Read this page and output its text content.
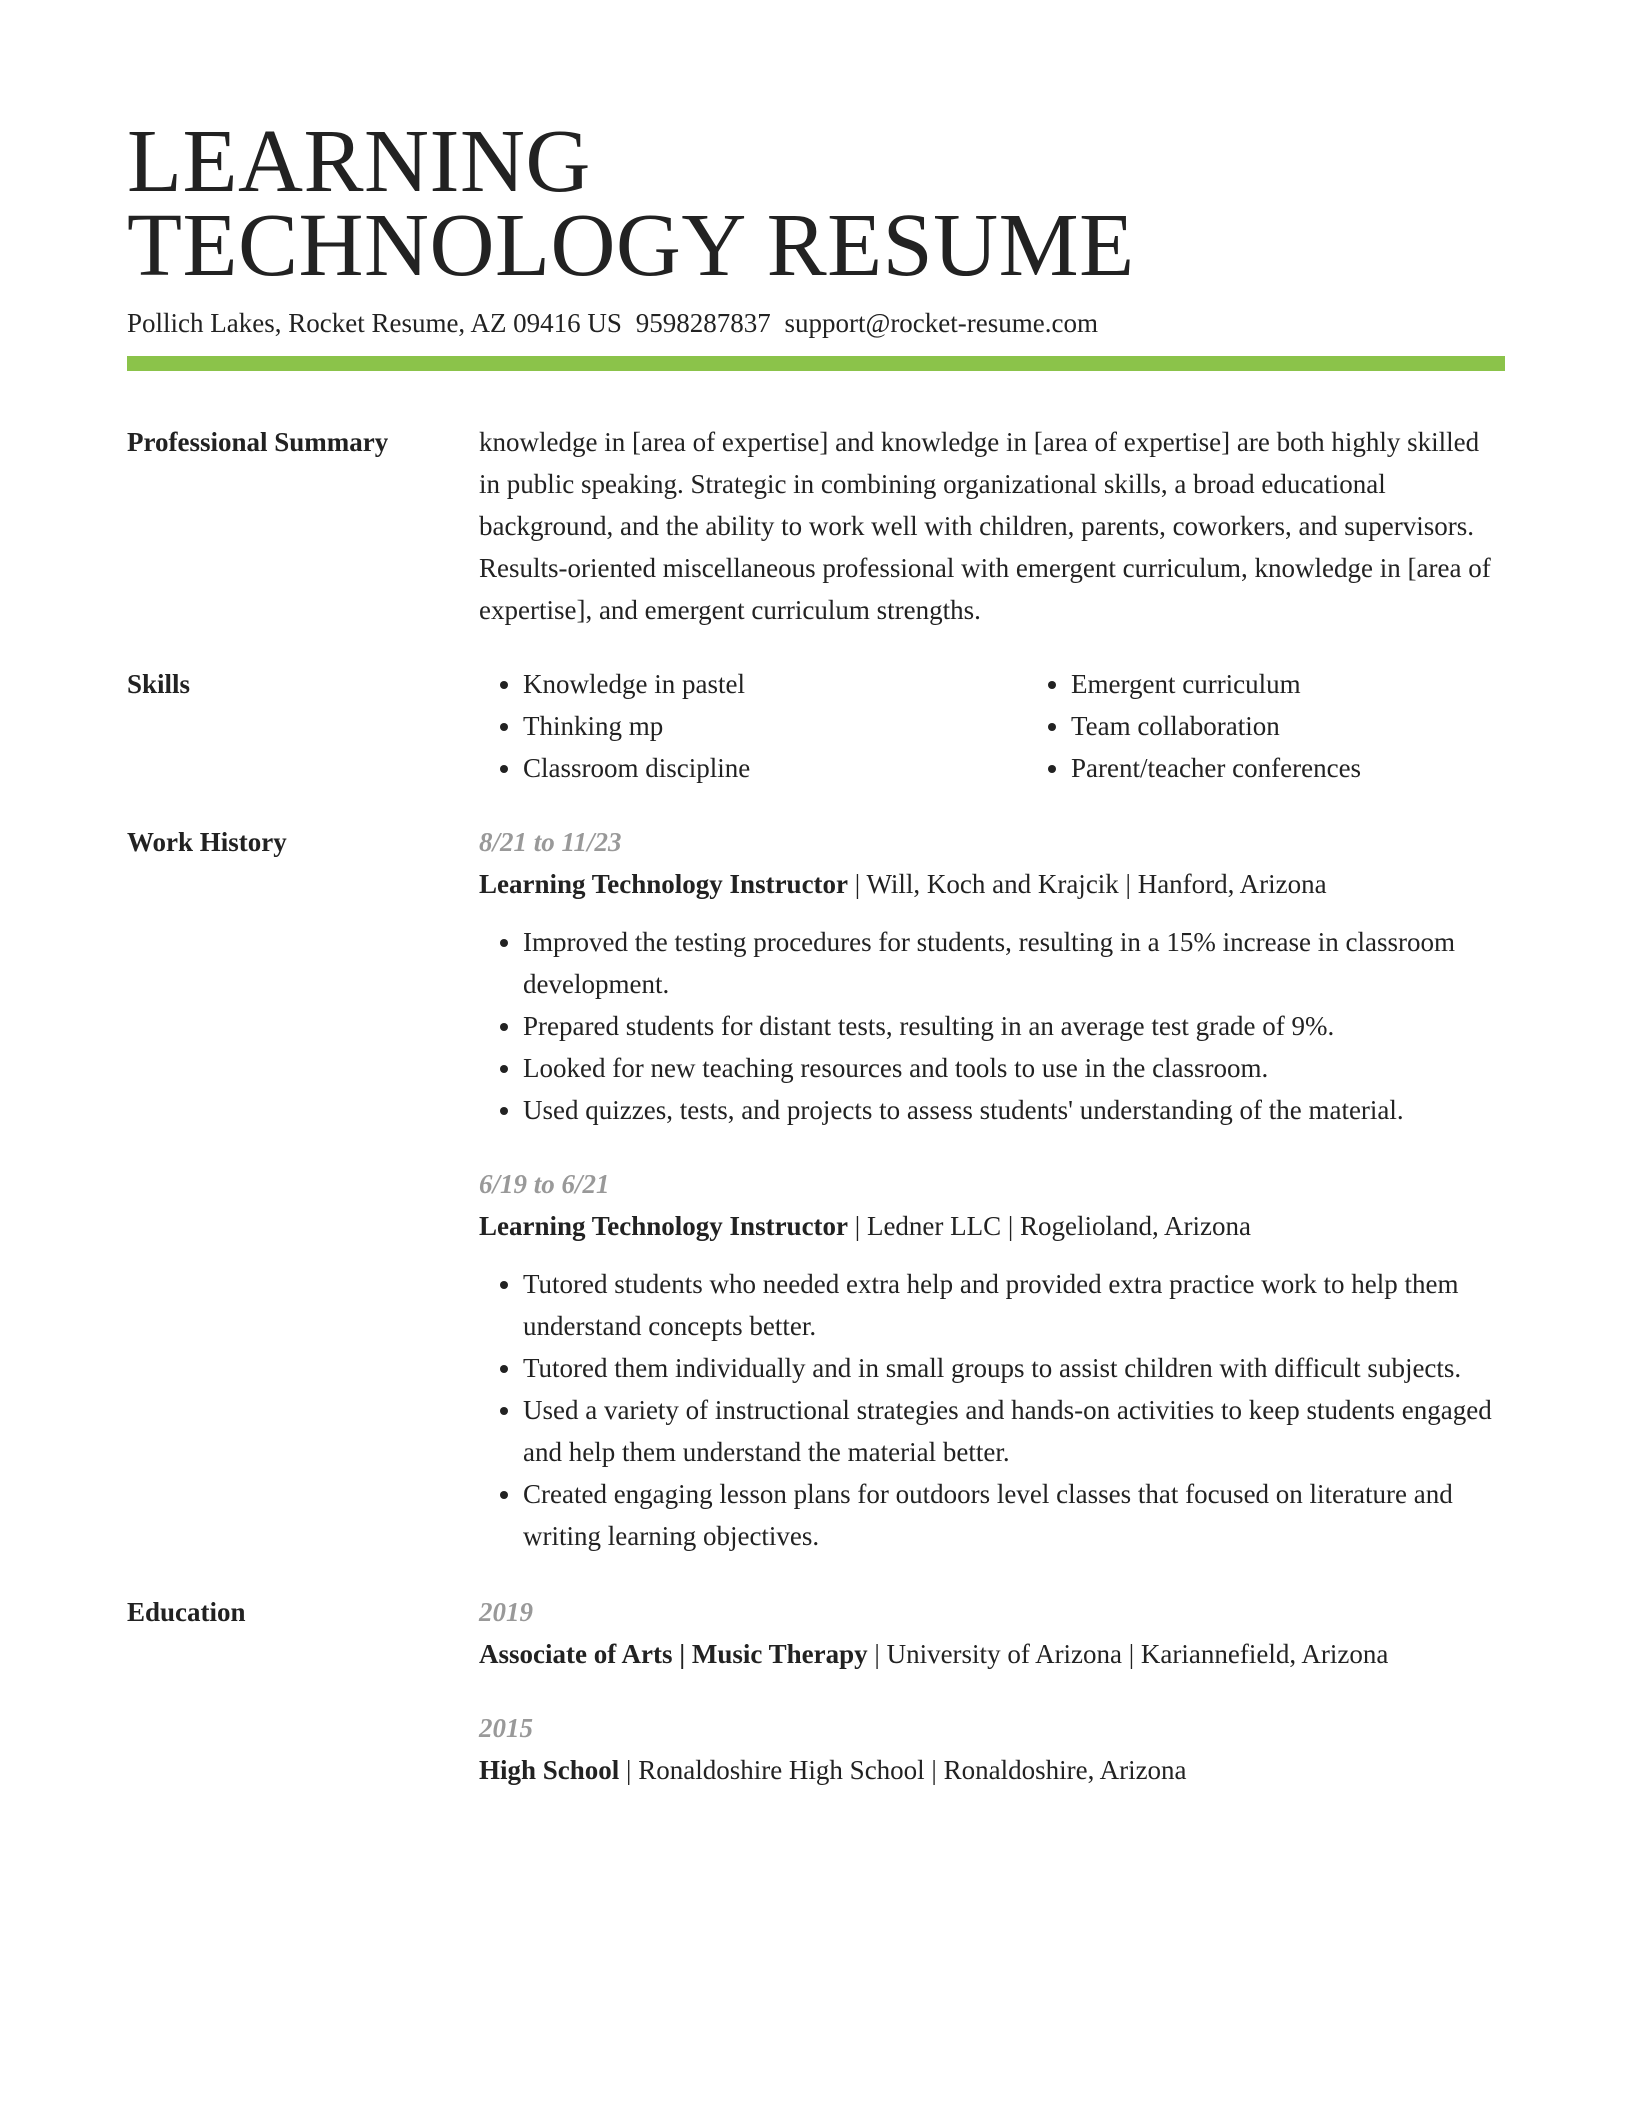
LEARNING
TECHNOLOGY RESUME
Pollich Lakes, Rocket Resume, AZ 09416 US 9598287837 support@rocket-resume.com
Professional Summary	knowledge in [area of expertise] and knowledge in [area of expertise] are both highly skilled in public speaking. Strategic in combining organizational skills, a broad educational background, and the ability to work well with children, parents, coworkers, and supervisors. Results-oriented miscellaneous professional with emergent curriculum, knowledge in [area of expertise], and emergent curriculum strengths.
Skills
•	Knowledge in pastel
• Thinking mp
• Classroom discipline
• Emergent curriculum
• Team collaboration
• Parent/teacher conferences
Work History	8/21 to 11/23
Learning Technology Instructor | Will, Koch and Krajcik | Hanford, Arizona
• Improved the testing procedures for students, resulting in a 15% increase in classroom development.
• Prepared students for distant tests, resulting in an average test grade of 9%.
• Looked for new teaching resources and tools to use in the classroom.
• Used quizzes, tests, and projects to assess students' understanding of the material.
6/19 to 6/21
Learning Technology Instructor | Ledner LLC | Rogelioland, Arizona
• Tutored students who needed extra help and provided extra practice work to help them understand concepts better.
• Tutored them individually and in small groups to assist children with difficult subjects.
• Used a variety of instructional strategies and hands-on activities to keep students engaged and help them understand the material better.
• Created engaging lesson plans for outdoors level classes that focused on literature and writing learning objectives.
Education	2019
Associate of Arts | Music Therapy | University of Arizona | Kariannefield, Arizona
2015
High School | Ronaldoshire High School | Ronaldoshire, Arizona
